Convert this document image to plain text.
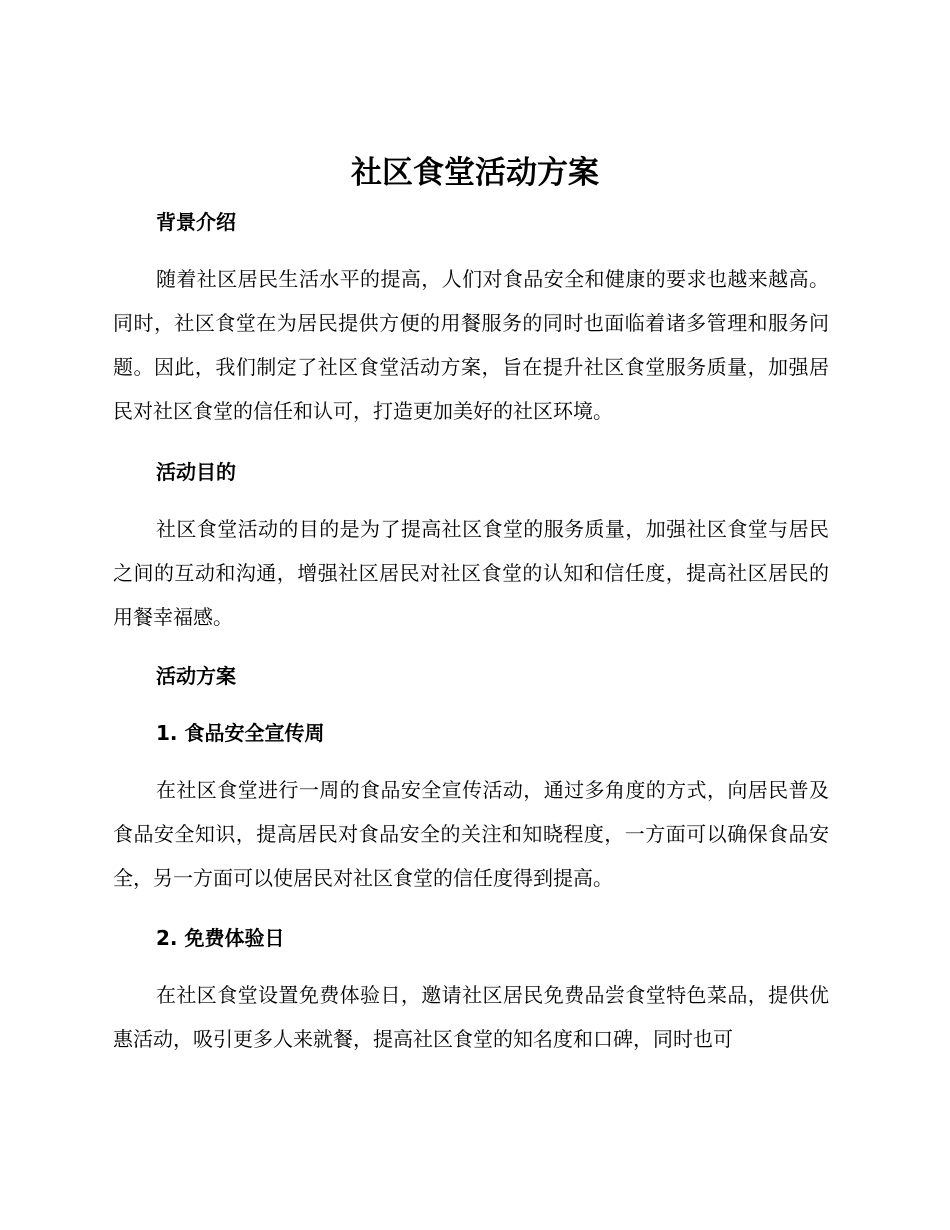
社区食堂活动方案
背景介绍

随着社区居民生活水平的提高，人们对食品安全和健康的要求也越来越高。同时，社区食堂在为居民提供方便的用餐服务的同时也面临着诸多管理和服务问题。因此，我们制定了社区食堂活动方案，旨在提升社区食堂服务质量，加强居民对社区食堂的信任和认可，打造更加美好的社区环境。

活动目的

社区食堂活动的目的是为了提高社区食堂的服务质量，加强社区食堂与居民之间的互动和沟通，增强社区居民对社区食堂的认知和信任度，提高社区居民的用餐幸福感。

活动方案
1. 食品安全宣传周

在社区食堂进行一周的食品安全宣传活动，通过多角度的方式，向居民普及食品安全知识，提高居民对食品安全的关注和知晓程度，一方面可以确保食品安全，另一方面可以使居民对社区食堂的信任度得到提高。

2. 免费体验日

在社区食堂设置免费体验日，邀请社区居民免费品尝食堂特色菜品，提供优惠活动，吸引更多人来就餐，提高社区食堂的知名度和口碑，同时也可
